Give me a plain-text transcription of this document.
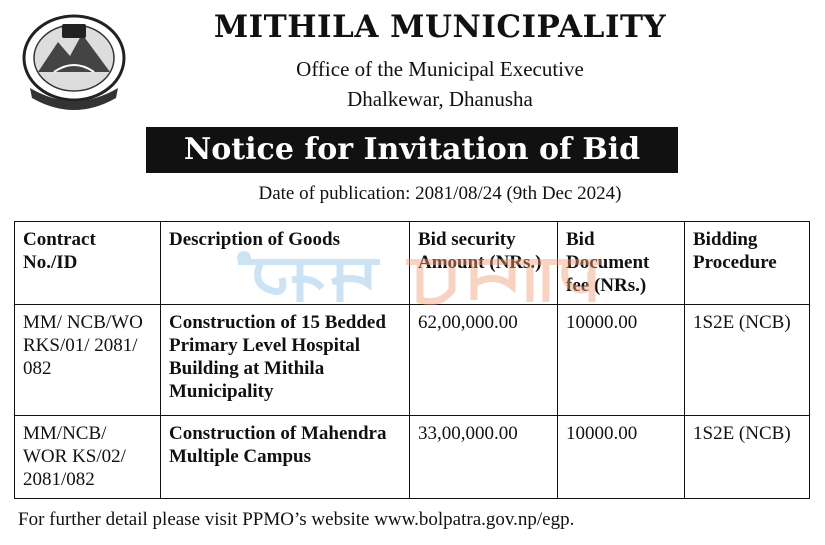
MITHILA MUNICIPALITY
Office of the Municipal Executive
Dhalkewar, Dhanusha
Notice for Invitation of Bid
Date of publication: 2081/08/24 (9th Dec 2024)
Contract No./ID	Description of Goods	Bid security Amount (NRs.)	Bid Document fee (NRs.)	Bidding Procedure
MM/ NCB/WO RKS/01/ 2081/ 082	Construction of 15 Bedded Primary Level Hospital Building at Mithila Municipality	62,00,000.00	10000.00	1S2E (NCB)
MM/NCB/ WOR KS/02/ 2081/082	Construction of Mahendra Multiple Campus	33,00,000.00	10000.00	1S2E (NCB)
For further detail please visit PPMO’s website www.bolpatra.gov.np/egp.
